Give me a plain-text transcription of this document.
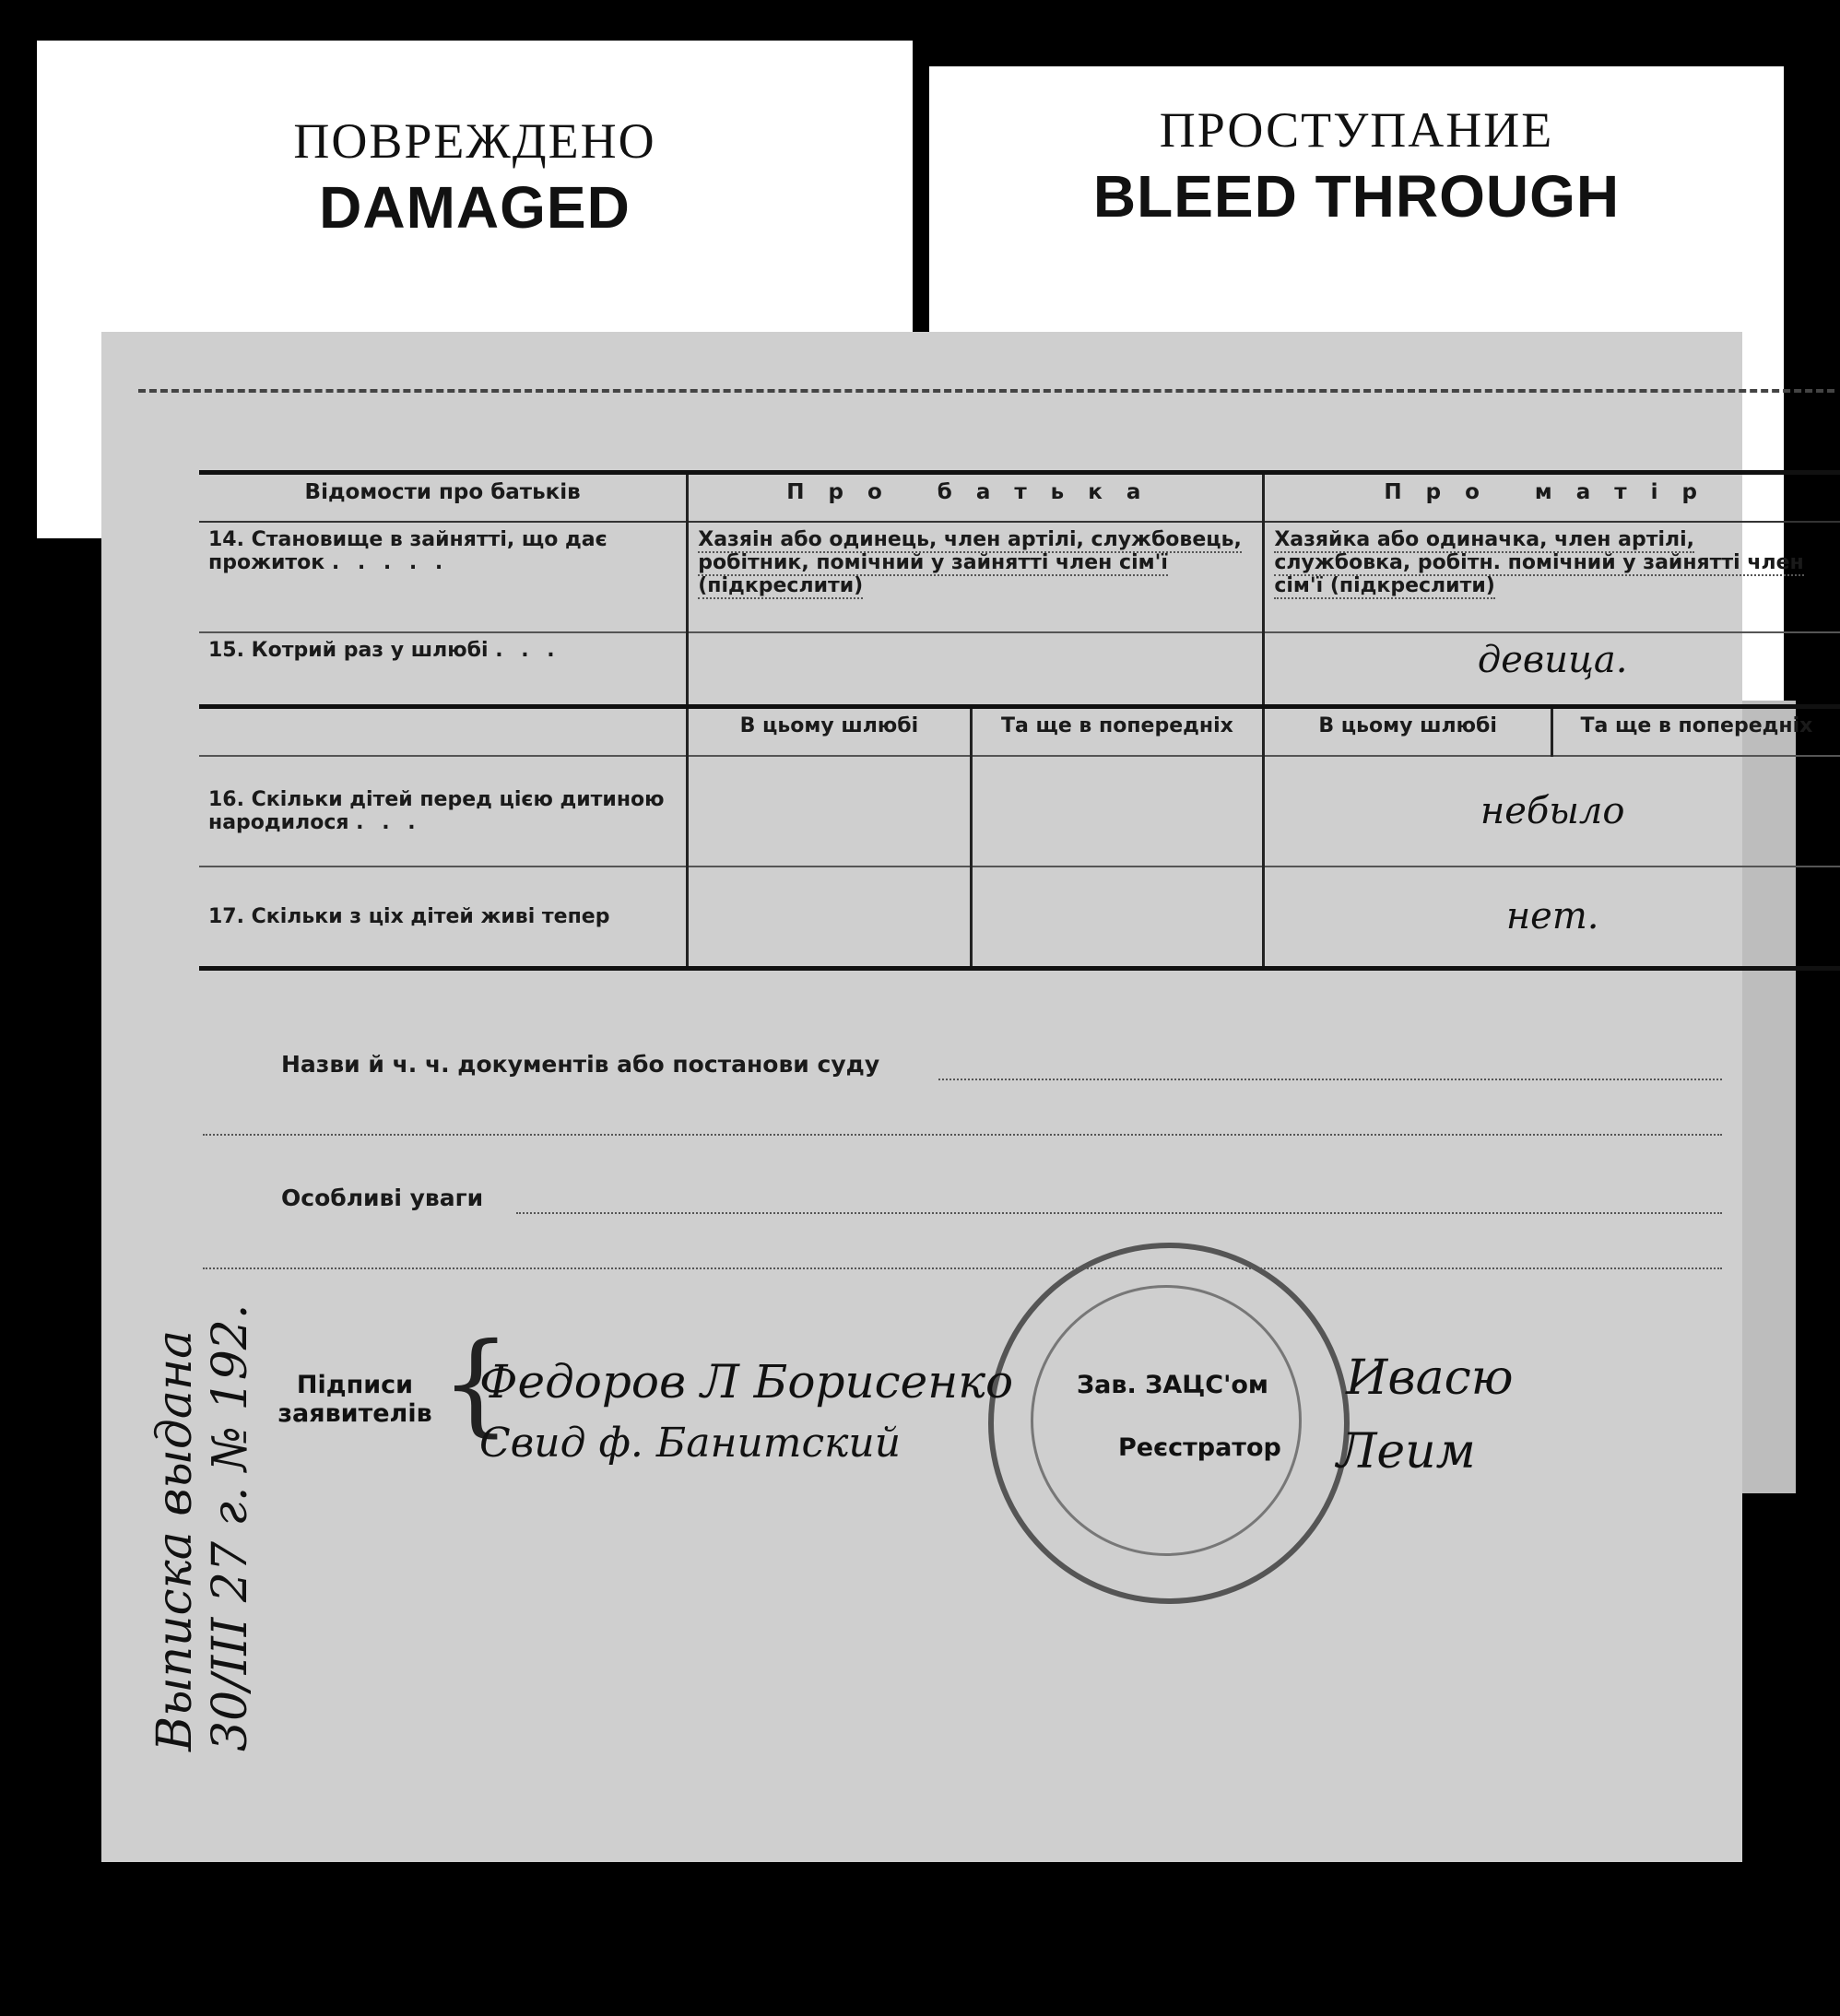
ПОВРЕЖДЕНО
DAMAGED
ПРОСТУПАНИЕ
BLEED THROUGH
Відомости про батьків	Про батька		Про матір	
14. Становище в зайнятті, що дає прожиток . . . . .	Хазяін або одинець, член артілі, службовець, робітник, помічний у зайнятті член сім'ї (підкреслити)		Хазяйка або одиначка, член артілі, службовка, робітн. помічний у зайнятті член сім'ї (підкреслити)	
15. Котрий раз у шлюбі . . .			девица.	
	В цьому шлюбі	Та ще в попередніх	В цьому шлюбі	Та ще в попередніх
16. Скільки дітей перед цією дитиною народилося . . .			небыло	
17. Скільки з ціх дітей живі тепер			нет.	
Назви й ч. ч. документів або постанови суду
Особливі уваги
Підписи
заявителів {
Федоров Л Борисенко
Свид ф. Банитский
Зав. ЗАЦС'ом
Реєстратор
Ивасю
Леим
Выписка выдана 30/ІІІ 27 г. № 192.
